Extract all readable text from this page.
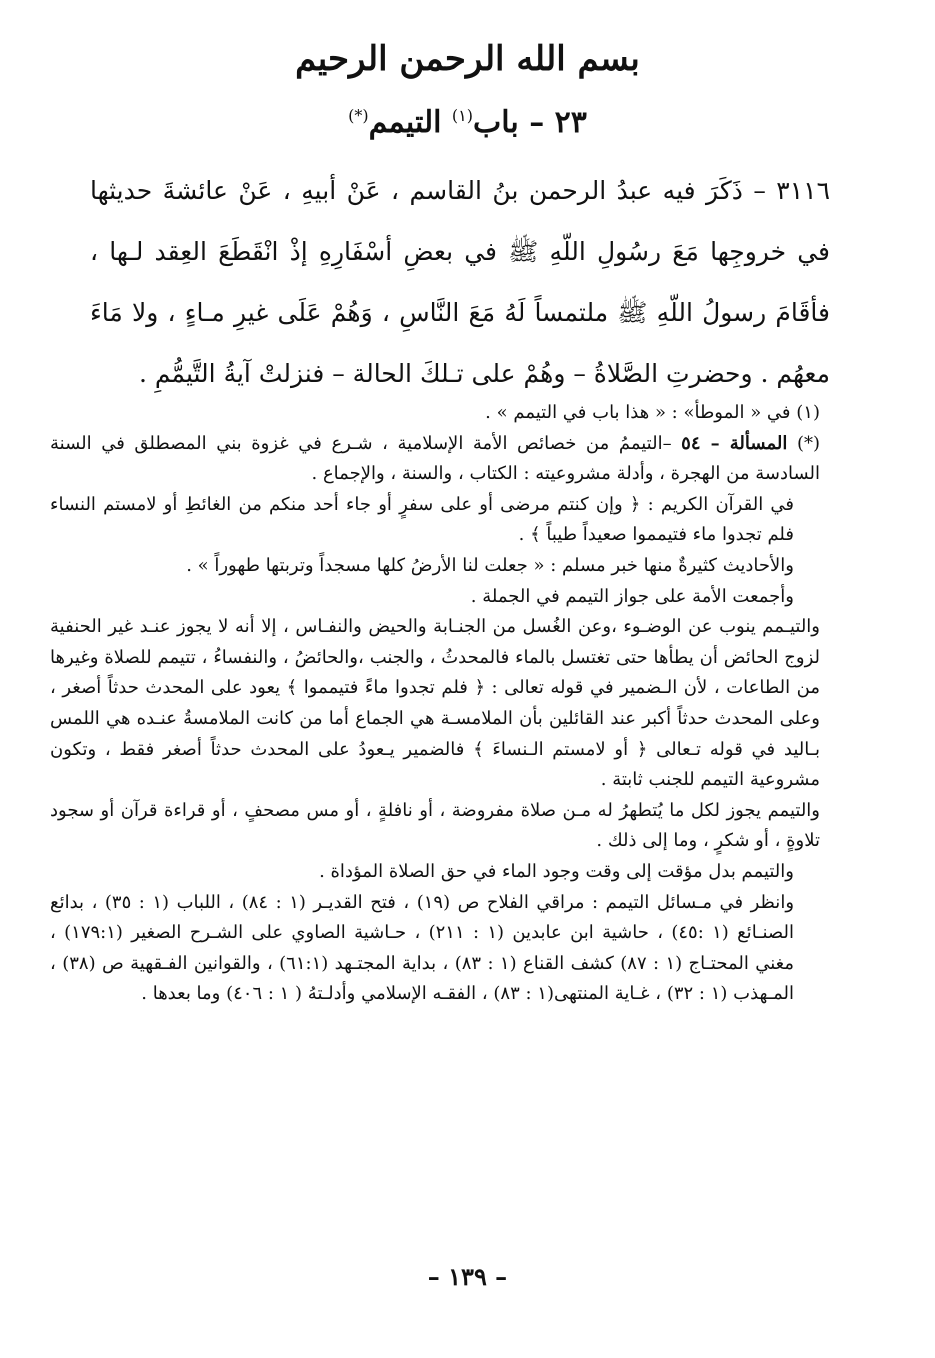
بسم الله الرحمن الرحيم
٢٣ – باب$^{(١)}$ التيمم(*)

٣١١٦ – ذَكَرَ فيه عبدُ الرحمن بنُ القاسم ، عَنْ أبيهِ ، عَنْ عائشةَ حديثها في خروجِها مَعَ رسُولِ اللّهِ ﷺ في بعضِ أسْفَارِهِ إذْ انْقَطَعَ العِقد لـها ، فأقَامَ رسولُ اللّهِ ﷺ ملتمساً لَهُ مَعَ النَّاسِ ، وَهُمْ عَلَى غيرِ مـاءٍ ، ولا مَاءَ معهُم . وحضرتِ الصَّلاةُ – وهُمْ على تـلكَ الحالة – فنزلتْ آيةُ التَّيمُّمِ .

(١) في « الموطأ» : « هذا باب في التيمم » .

(*) المسألة – ٥٤ –التيممُ من خصائص الأمة الإسلامية ، شـرع في غزوة بني المصطلق في السنة السادسة من الهجرة ، وأدلة مشروعيته : الكتاب ، والسنة ، والإجماع .

في القرآن الكريم : ﴿ وإن كنتم مرضى أو على سفرٍ أو جاء أحد منكم من الغائطِ أو لامستم النساء فلم تجدوا ماء فتيمموا صعيداً طيباً ﴾ .

والأحاديث كثيرةٌ منها خبر مسلم : « جعلت لنا الأرضُ كلها مسجداً وتربتها طهوراً » .

وأجمعت الأمة على جواز التيمم في الجملة .

والتيـمم ينوب عن الوضـوء ،وعن الغُسل من الجنـابة والحيض والنفـاس ، إلا أنه لا يجوز عنـد غير الحنفية لزوج الحائض أن يطأها حتى تغتسل بالماء فالمحدثُ ، والجنب ،والحائضُ ، والنفساءُ ، تتيمم للصلاة وغيرها من الطاعات ، لأن الـضمير في قوله تعالى : ﴿ فلم تجدوا ماءً فتيمموا ﴾ يعود على المحدث حدثاً أصغر ، وعلى المحدث حدثاً أكبر عند القائلين بأن الملامسـة هي الجماع أما من كانت الملامسةُ عنـده هي اللمس بـاليد في قوله تـعالى ﴿ أو لامستم الـنساءَ ﴾ فالضمير يـعودُ على المحدث حدثاً أصغر فقط ، وتكون مشروعية التيمم للجنب ثابتة .

والتيمم يجوز لكل ما يُتطهرُ له مـن صلاة مفروضة ، أو نافلةٍ ، أو مس مصحفٍ ، أو قراءة قرآن أو سجود تلاوةٍ ، أو شكرٍ ، وما إلى ذلك .

والتيمم بدل مؤقت إلى وقت وجود الماء في حق الصلاة المؤداة .

وانظر في مـسائل التيمم : مراقي الفلاح ص (١٩) ، فتح القديـر (١ : ٨٤) ، اللباب (١ : ٣٥) ، بدائع الصنـائع (١ :٤٥) ، حاشية ابن عابدين (١ : ٢١١) ، حـاشية الصاوي على الشـرح الصغير (١٧٩:١) ، مغني المحتـاج (١ : ٨٧) كشف القناع (١ : ٨٣) ، بداية المجتـهد (٦١:١) ، والقوانين الفـقهية ص (٣٨) ، المـهذب (١ : ٣٢) ، غـاية المنتهى(١ : ٨٣) ، الفقـه الإسلامي وأدلـتهُ ( ١ : ٤٠٦) وما بعدها .

– ١٣٩ –
